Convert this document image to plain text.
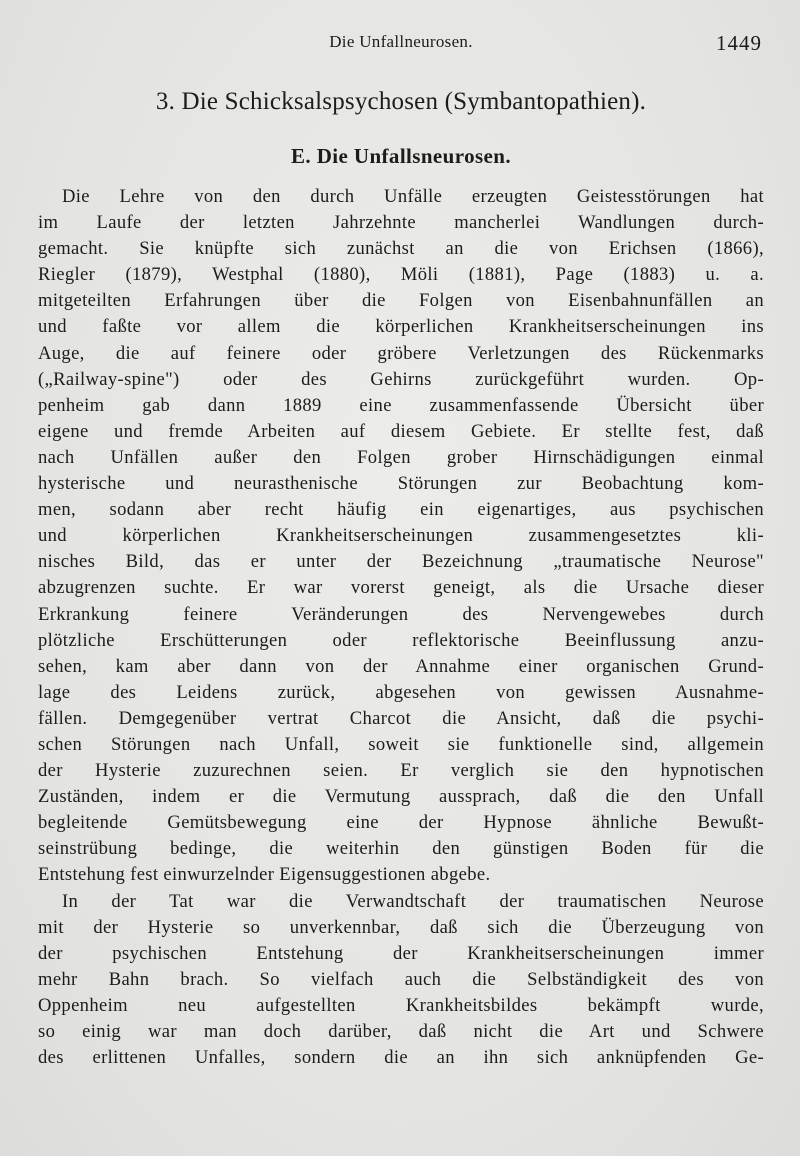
Die Unfallneurosen.	1449
3. Die Schicksalspsychosen (Symbantopathien).
E. Die Unfallsneurosen.
Die Lehre von den durch Unfälle erzeugten Geistesstörungen hat
im Laufe der letzten Jahrzehnte mancherlei Wandlungen durch-
gemacht. Sie knüpfte sich zunächst an die von Erichsen (1866),
Riegler (1879), Westphal (1880), Möli (1881), Page (1883) u. a.
mitgeteilten Erfahrungen über die Folgen von Eisenbahnunfällen an
und faßte vor allem die körperlichen Krankheitserscheinungen ins
Auge, die auf feinere oder gröbere Verletzungen des Rückenmarks
(„Railway-spine") oder des Gehirns zurückgeführt wurden. Op-
penheim gab dann 1889 eine zusammenfassende Übersicht über
eigene und fremde Arbeiten auf diesem Gebiete. Er stellte fest, daß
nach Unfällen außer den Folgen grober Hirnschädigungen einmal
hysterische und neurasthenische Störungen zur Beobachtung kom-
men, sodann aber recht häufig ein eigenartiges, aus psychischen
und körperlichen Krankheitserscheinungen zusammengesetztes kli-
nisches Bild, das er unter der Bezeichnung „traumatische Neurose"
abzugrenzen suchte. Er war vorerst geneigt, als die Ursache dieser
Erkrankung feinere Veränderungen des Nervengewebes durch
plötzliche Erschütterungen oder reflektorische Beeinflussung anzu-
sehen, kam aber dann von der Annahme einer organischen Grund-
lage des Leidens zurück, abgesehen von gewissen Ausnahme-
fällen. Demgegenüber vertrat Charcot die Ansicht, daß die psychi-
schen Störungen nach Unfall, soweit sie funktionelle sind, allgemein
der Hysterie zuzurechnen seien. Er verglich sie den hypnotischen
Zuständen, indem er die Vermutung aussprach, daß die den Unfall
begleitende Gemütsbewegung eine der Hypnose ähnliche Bewußt-
seinstrübung bedinge, die weiterhin den günstigen Boden für die
Entstehung fest einwurzelnder Eigensuggestionen abgebe.
In der Tat war die Verwandtschaft der traumatischen Neurose
mit der Hysterie so unverkennbar, daß sich die Überzeugung von
der psychischen Entstehung der Krankheitserscheinungen immer
mehr Bahn brach. So vielfach auch die Selbständigkeit des von
Oppenheim neu aufgestellten Krankheitsbildes bekämpft wurde,
so einig war man doch darüber, daß nicht die Art und Schwere
des erlittenen Unfalles, sondern die an ihn sich anknüpfenden Ge-
